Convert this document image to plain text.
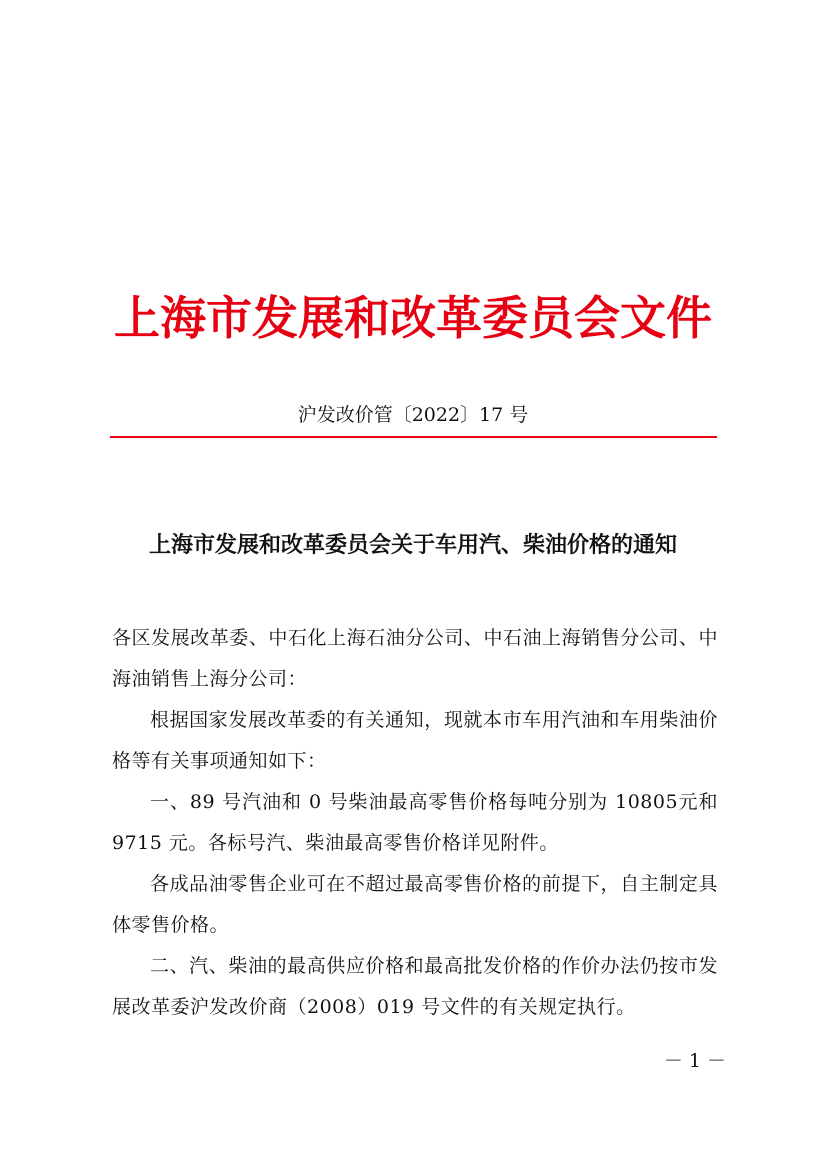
上海市发展和改革委员会文件
沪发改价管〔2022〕17 号
上海市发展和改革委员会关于车用汽、柴油价格的通知

各区发展改革委、中石化上海石油分公司、中石油上海销售分公司、中海油销售上海分公司：

根据国家发展改革委的有关通知，现就本市车用汽油和车用柴油价格等有关事项通知如下：

一、89 号汽油和 0 号柴油最高零售价格每吨分别为 10805元和 9715 元。各标号汽、柴油最高零售价格详见附件。

各成品油零售企业可在不超过最高零售价格的前提下，自主制定具体零售价格。

二、汽、柴油的最高供应价格和最高批发价格的作价办法仍按市发展改革委沪发改价商（2008）019 号文件的有关规定执行。

－ 1 －
